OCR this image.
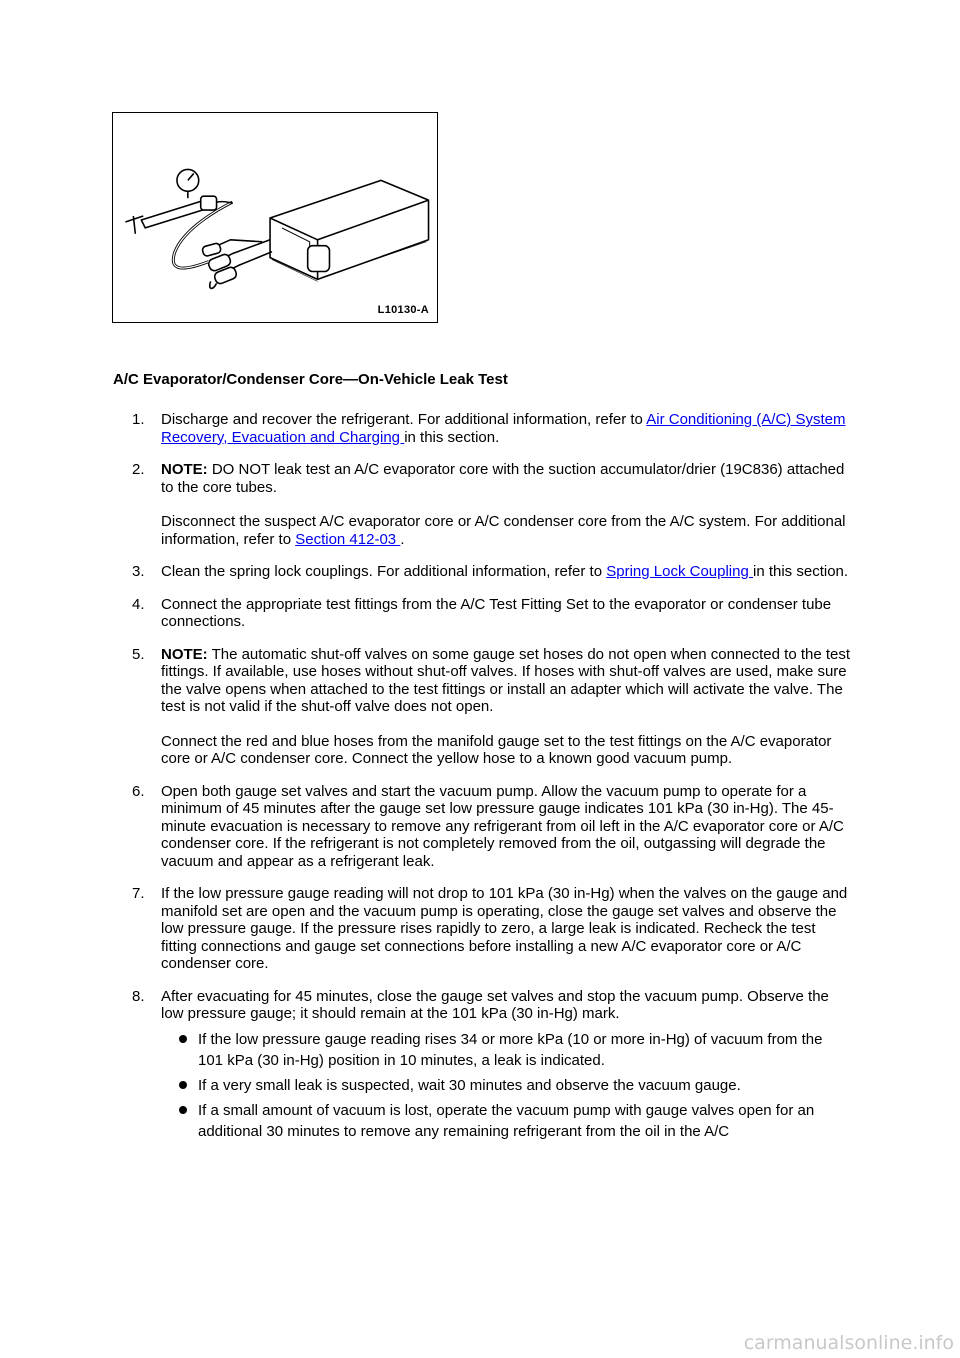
L10130-A
A/C Evaporator/Condenser Core—On-Vehicle Leak Test
1. Discharge and recover the refrigerant. For additional information, refer to Air Conditioning (A/C) System Recovery, Evacuation and Charging in this section.

2. NOTE: DO NOT leak test an A/C evaporator core with the suction accumulator/drier (19C836) attached to the core tubes.

Disconnect the suspect A/C evaporator core or A/C condenser core from the A/C system. For additional information, refer to Section 412-03 .

3. Clean the spring lock couplings. For additional information, refer to Spring Lock Coupling in this section.

4. Connect the appropriate test fittings from the A/C Test Fitting Set to the evaporator or condenser tube connections.

5. NOTE: The automatic shut-off valves on some gauge set hoses do not open when connected to the test fittings. If available, use hoses without shut-off valves. If hoses with shut-off valves are used, make sure the valve opens when attached to the test fittings or install an adapter which will activate the valve. The test is not valid if the shut-off valve does not open.

Connect the red and blue hoses from the manifold gauge set to the test fittings on the A/C evaporator core or A/C condenser core. Connect the yellow hose to a known good vacuum pump.

6. Open both gauge set valves and start the vacuum pump. Allow the vacuum pump to operate for a minimum of 45 minutes after the gauge set low pressure gauge indicates 101 kPa (30 in-Hg). The 45-minute evacuation is necessary to remove any refrigerant from oil left in the A/C evaporator core or A/C condenser core. If the refrigerant is not completely removed from the oil, outgassing will degrade the vacuum and appear as a refrigerant leak.

7. If the low pressure gauge reading will not drop to 101 kPa (30 in-Hg) when the valves on the gauge and manifold set are open and the vacuum pump is operating, close the gauge set valves and observe the low pressure gauge. If the pressure rises rapidly to zero, a large leak is indicated. Recheck the test fitting connections and gauge set connections before installing a new A/C evaporator core or A/C condenser core.

8. After evacuating for 45 minutes, close the gauge set valves and stop the vacuum pump. Observe the low pressure gauge; it should remain at the 101 kPa (30 in-Hg) mark.

If the low pressure gauge reading rises 34 or more kPa (10 or more in-Hg) of vacuum from the 101 kPa (30 in-Hg) position in 10 minutes, a leak is indicated.
If a very small leak is suspected, wait 30 minutes and observe the vacuum gauge.
If a small amount of vacuum is lost, operate the vacuum pump with gauge valves open for an additional 30 minutes to remove any remaining refrigerant from the oil in the A/C
carmanualsonline.info
